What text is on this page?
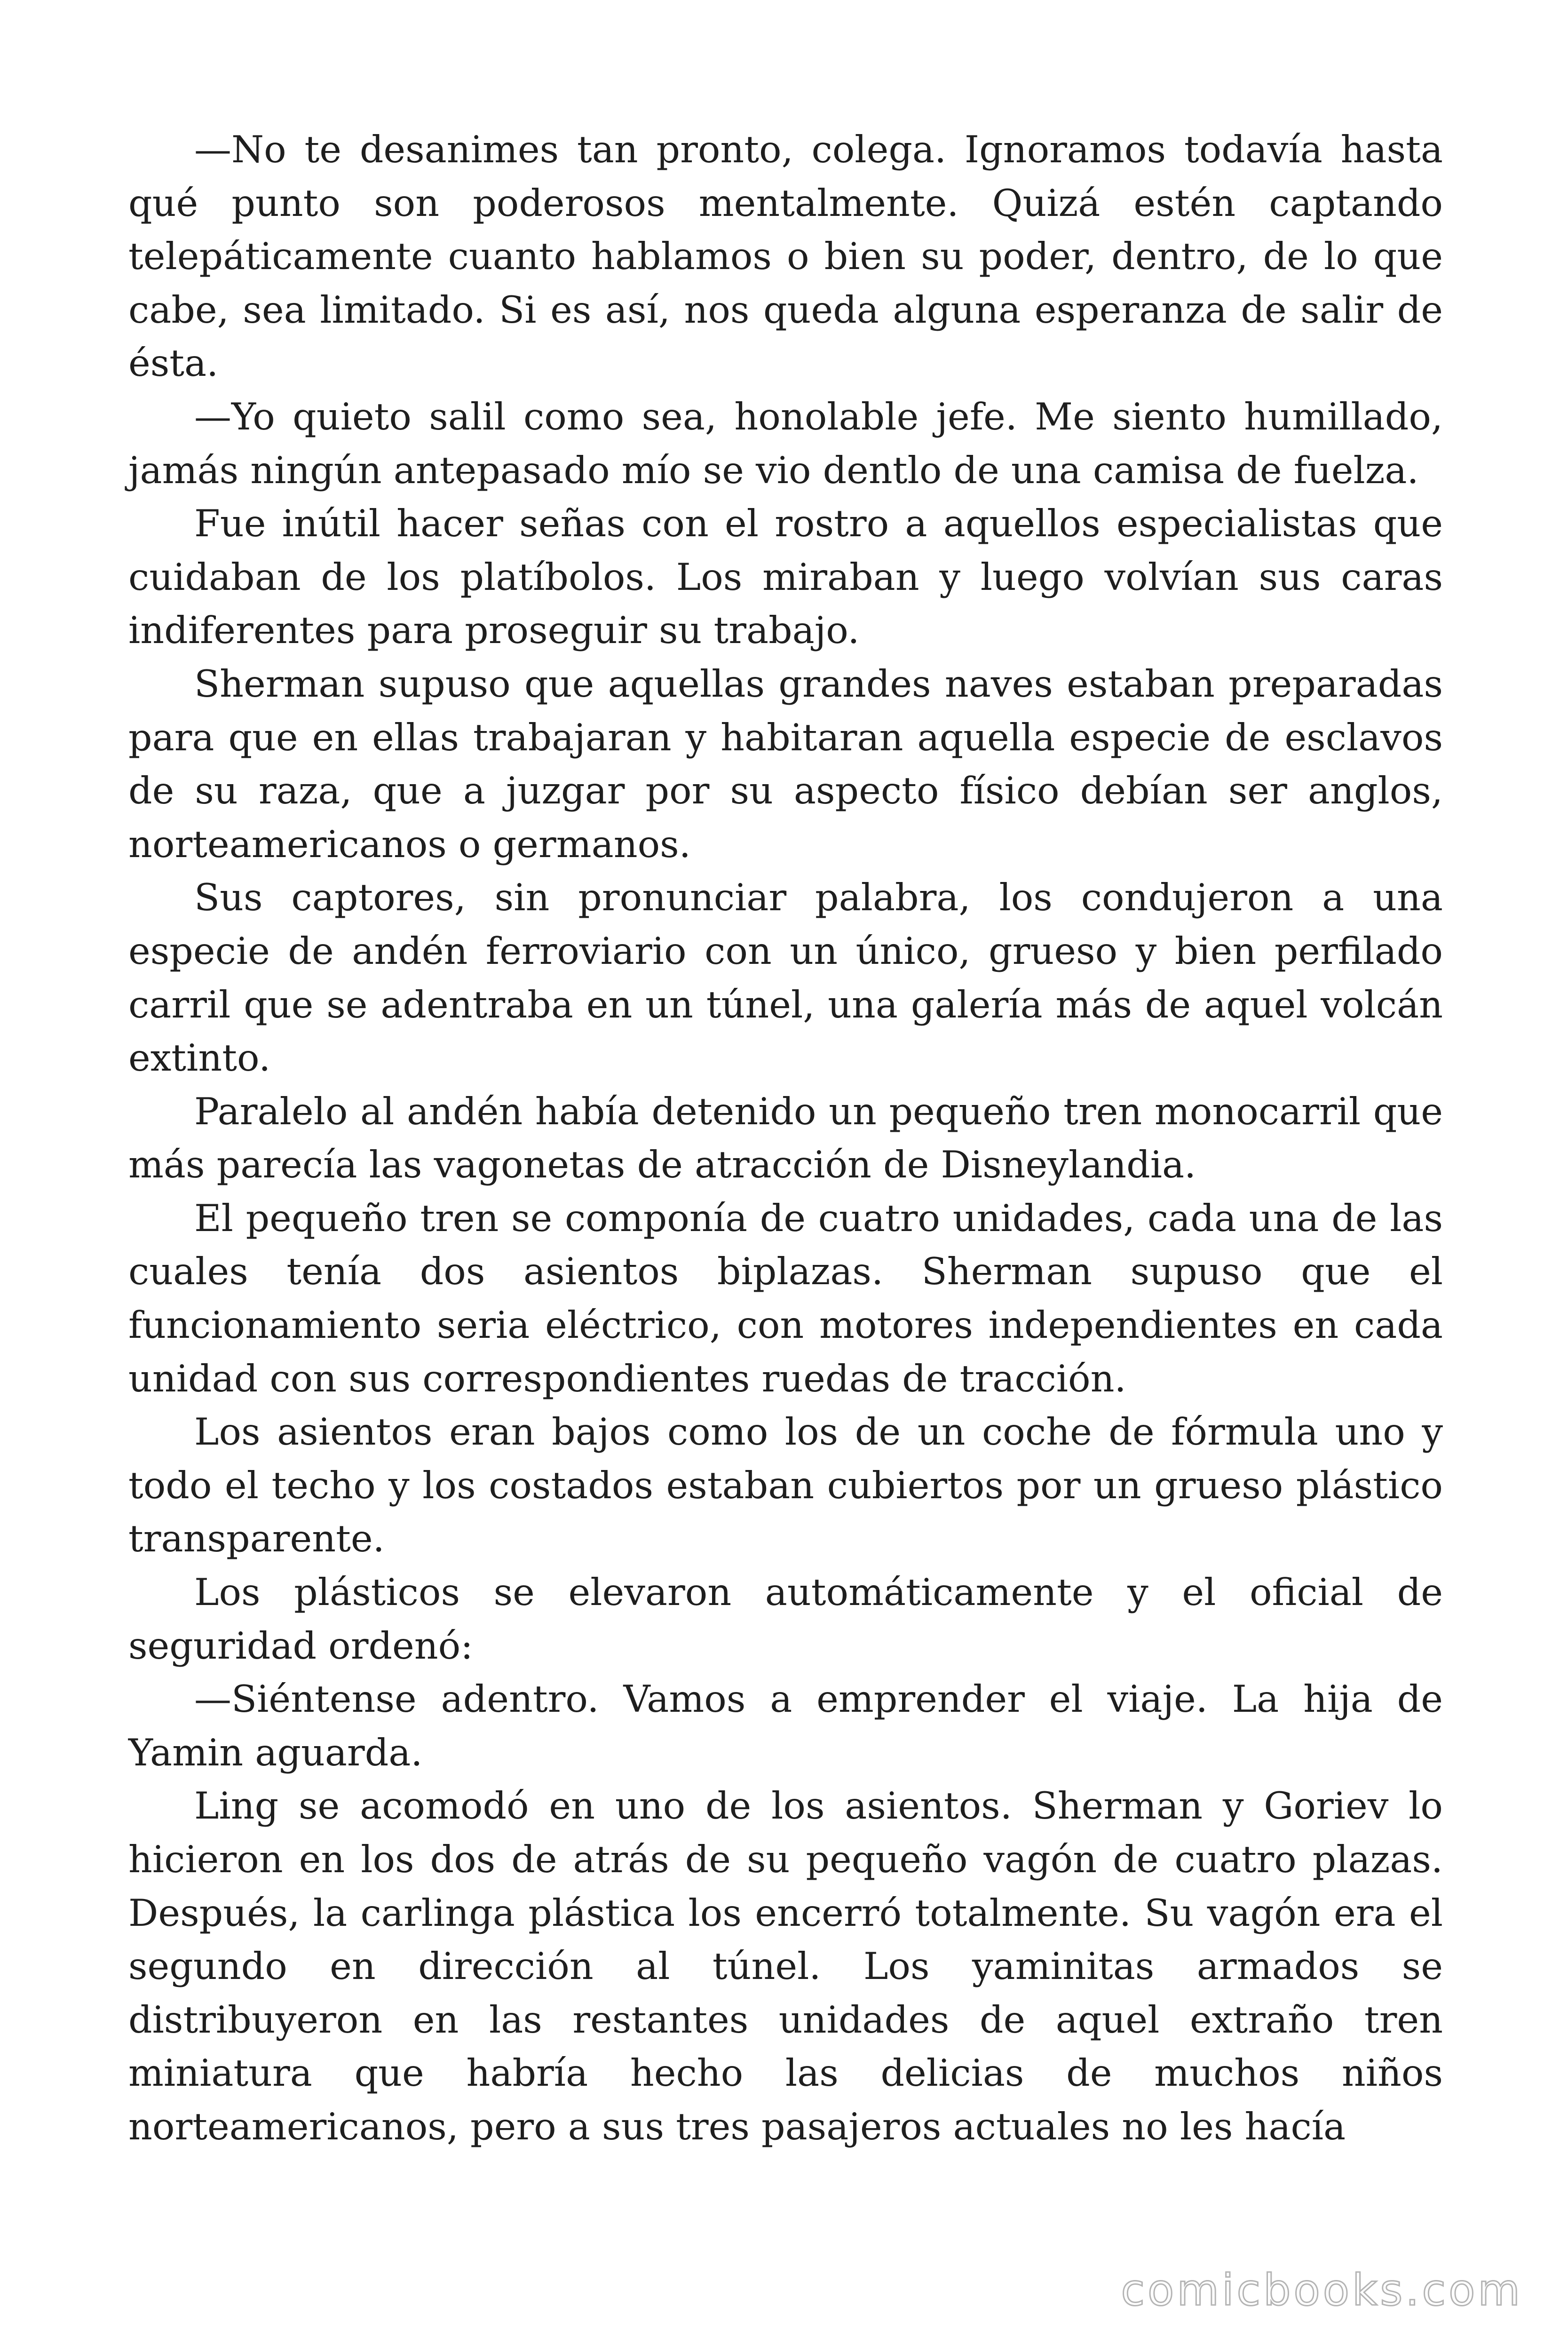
—No te desanimes tan pronto, colega. Ignoramos todavía hasta qué punto son poderosos mentalmente. Quizá estén captando telepáticamente cuanto hablamos o bien su poder, dentro, de lo que cabe, sea limitado. Si es así, nos queda alguna esperanza de salir de ésta.

—Yo quieto salil como sea, honolable jefe. Me siento humillado, jamás ningún antepasado mío se vio dentlo de una camisa de fuelza.

Fue inútil hacer señas con el rostro a aquellos especialistas que cuidaban de los platíbolos. Los miraban y luego volvían sus caras indiferentes para proseguir su trabajo.

Sherman supuso que aquellas grandes naves estaban preparadas para que en ellas trabajaran y habitaran aquella especie de esclavos de su raza, que a juzgar por su aspecto físico debían ser anglos, norteamericanos o germanos.

Sus captores, sin pronunciar palabra, los condujeron a una especie de andén ferroviario con un único, grueso y bien perfilado carril que se adentraba en un túnel, una galería más de aquel volcán extinto.

Paralelo al andén había detenido un pequeño tren monocarril que más parecía las vagonetas de atracción de Disneylandia.

El pequeño tren se componía de cuatro unidades, cada una de las cuales tenía dos asientos biplazas. Sherman supuso que el funcionamiento seria eléctrico, con motores independientes en cada unidad con sus correspondientes ruedas de tracción.

Los asientos eran bajos como los de un coche de fórmula uno y todo el techo y los costados estaban cubiertos por un grueso plástico transparente.

Los plásticos se elevaron automáticamente y el oficial de seguridad ordenó:

—Siéntense adentro. Vamos a emprender el viaje. La hija de Yamin aguarda.

Ling se acomodó en uno de los asientos. Sherman y Goriev lo hicieron en los dos de atrás de su pequeño vagón de cuatro plazas. Después, la carlinga plástica los encerró totalmente. Su vagón era el segundo en dirección al túnel. Los yaminitas armados se distribuyeron en las restantes unidades de aquel extraño tren miniatura que habría hecho las delicias de muchos niños norteamericanos, pero a sus tres pasajeros actuales no les hacía

comicbooks.com
